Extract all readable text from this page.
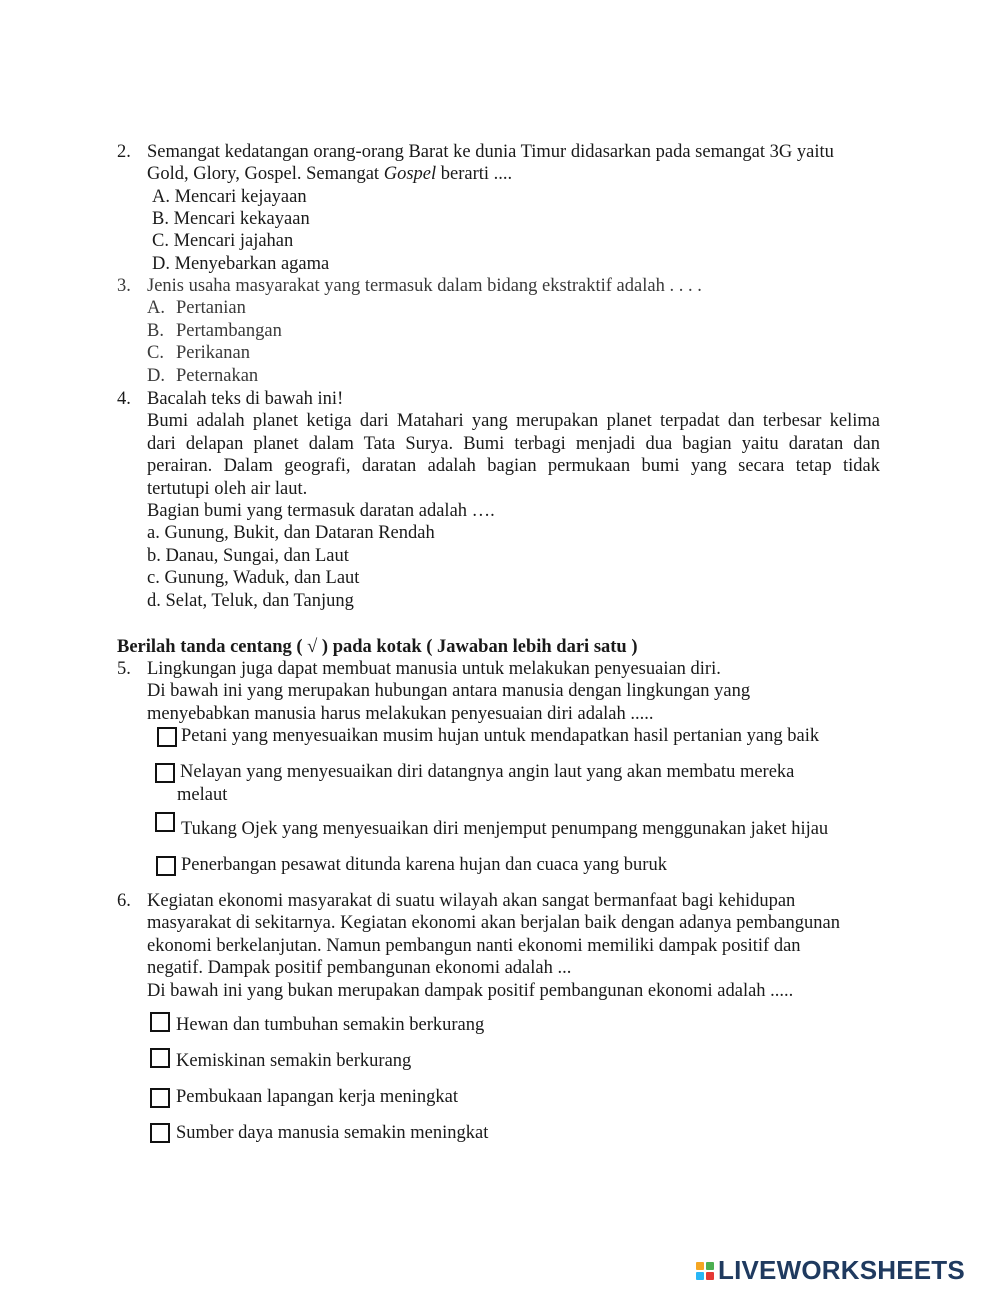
2. Semangat kedatangan orang-orang Barat ke dunia Timur didasarkan pada semangat 3G yaitu
Gold, Glory, Gospel. Semangat Gospel berarti ....
A. Mencari kejayaan
B. Mencari kekayaan
C. Mencari jajahan
D. Menyebarkan agama
3. Jenis usaha masyarakat yang termasuk dalam bidang ekstraktif adalah . . . .
A. Pertanian
B. Pertambangan
C. Perikanan
D. Peternakan
4. Bacalah teks di bawah ini!
Bumi adalah planet ketiga dari Matahari yang merupakan planet terpadat dan terbesar kelima
dari delapan planet dalam Tata Surya. Bumi terbagi menjadi dua bagian yaitu daratan dan
perairan. Dalam geografi, daratan adalah bagian permukaan bumi yang secara tetap tidak
tertutupi oleh air laut.
Bagian bumi yang termasuk daratan adalah ….
a. Gunung, Bukit, dan Dataran Rendah
b. Danau, Sungai, dan Laut
c. Gunung, Waduk, dan Laut
d. Selat, Teluk, dan Tanjung
Berilah tanda centang ( √ ) pada kotak ( Jawaban lebih dari satu )
5. Lingkungan juga dapat membuat manusia untuk melakukan penyesuaian diri.
Di bawah ini yang merupakan hubungan antara manusia dengan lingkungan yang
menyebabkan manusia harus melakukan penyesuaian diri adalah .....
Petani yang menyesuaikan musim hujan untuk mendapatkan hasil pertanian yang baik
Nelayan yang menyesuaikan diri datangnya angin laut yang akan membatu mereka
melaut
Tukang Ojek yang menyesuaikan diri menjemput penumpang menggunakan jaket hijau
Penerbangan pesawat ditunda karena hujan dan cuaca yang buruk
6. Kegiatan ekonomi masyarakat di suatu wilayah akan sangat bermanfaat bagi kehidupan
masyarakat di sekitarnya. Kegiatan ekonomi akan berjalan baik dengan adanya pembangunan
ekonomi berkelanjutan. Namun pembangun nanti ekonomi memiliki dampak positif dan
negatif. Dampak positif pembangunan ekonomi adalah ...
Di bawah ini yang bukan merupakan dampak positif pembangunan ekonomi adalah .....
Hewan dan tumbuhan semakin berkurang
Kemiskinan semakin berkurang
Pembukaan lapangan kerja meningkat
Sumber daya manusia semakin meningkat
LIVEWORKSHEETS
